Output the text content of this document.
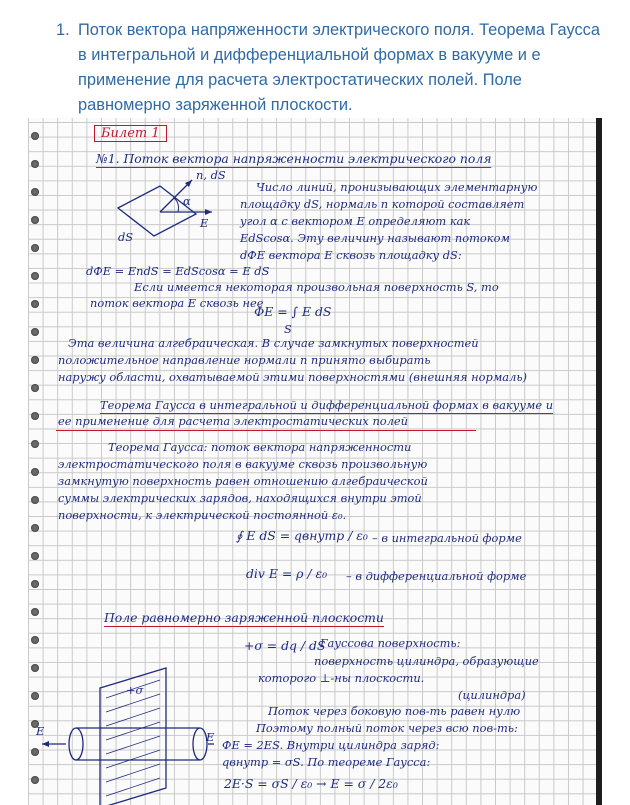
1. Поток вектора напряженности электрического поля. Теорема Гаусса в интегральной и дифференциальной формах в вакууме и е применение для расчета электростатических полей. Поле равномерно заряженной плоскости.
Билет 1
№1. Поток вектора напряженности электрического поля
n, dS
α
E
dS
Число линий, пронизывающих элементарную
площадку dS, нормаль n которой составляет
угол α с вектором E определяют как
EdScosα. Эту величину называют потоком
dФE вектора E сквозь площадку dS:
dФE = EndS = EdScosα = E dS
Если имеется некоторая произвольная поверхность S, то
поток вектора E сквозь нее
ФE = ∫ E dS
S
Эта величина алгебраическая. В случае замкнутых поверхностей
положительное направление нормали n принято выбирать
наружу области, охватываемой этими поверхностями (внешняя нормаль)
Теорема Гаусса в интегральной и дифференциальной формах в вакууме и
ее применение для расчета электростатических полей
Теорема Гаусса: поток вектора напряженности
электростатического поля в вакууме сквозь произвольную
замкнутую поверхность равен отношению алгебраической
суммы электрических зарядов, находящихся внутри этой
поверхности, к электрической постоянной ε₀.
∮ E dS = qвнутр / ε₀ – в интегральной форме
div E = ρ / ε₀ – в дифференциальной форме
Поле равномерно заряженной плоскости
+σ = dq / dS
Гауссова поверхность:
поверхность цилиндра, образующие
которого ⊥-ны плоскости.
(цилиндра)
Поток через боковую пов-ть равен нулю
Поэтому полный поток через всю пов-ть:
ФE = 2ES. Внутри цилиндра заряд:
qвнутр = σS. По теореме Гаусса:
2E·S = σS / ε₀ → E = σ / 2ε₀
+σ
E	E
